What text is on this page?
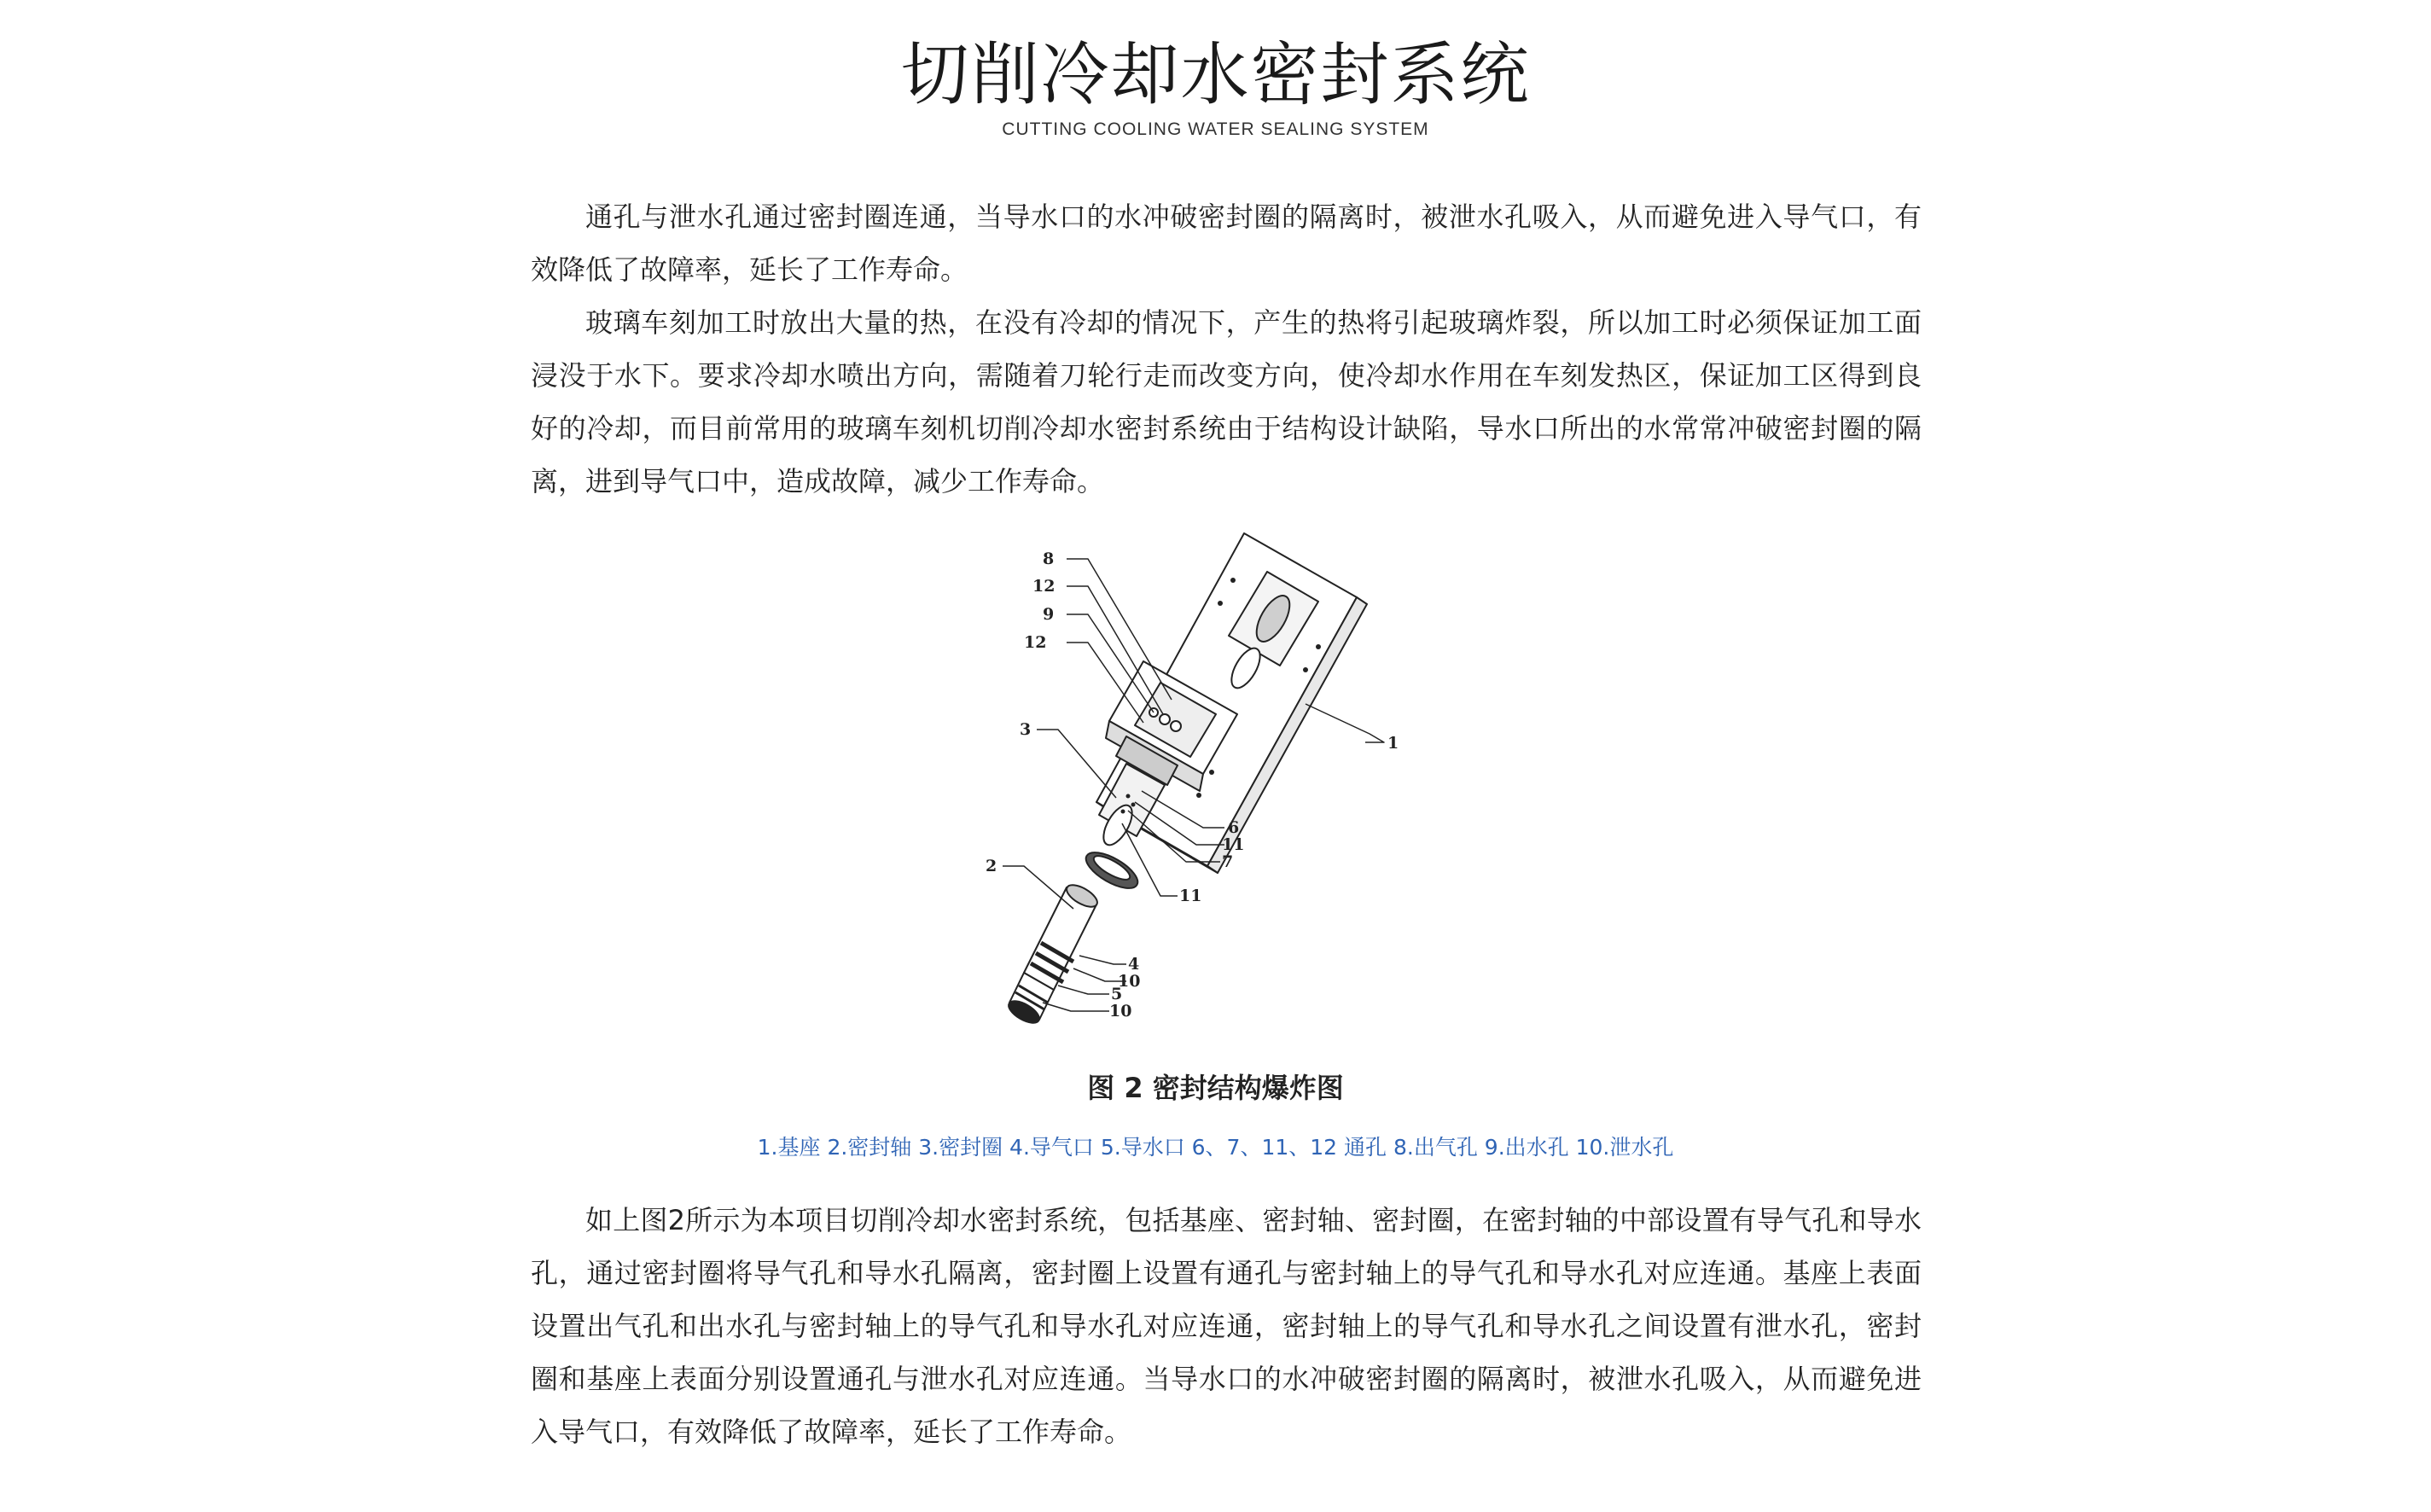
切削冷却水密封系统
CUTTING COOLING WATER SEALING SYSTEM

通孔与泄水孔通过密封圈连通，当导水口的水冲破密封圈的隔离时，被泄水孔吸入，从而避免进入导气口，有效降低了故障率，延长了工作寿命。

玻璃车刻加工时放出大量的热，在没有冷却的情况下，产生的热将引起玻璃炸裂，所以加工时必须保证加工面浸没于水下。要求冷却水喷出方向，需随着刀轮行走而改变方向，使冷却水作用在车刻发热区，保证加工区得到良好的冷却，而目前常用的玻璃车刻机切削冷却水密封系统由于结构设计缺陷，导水口所出的水常常冲破密封圈的隔离，进到导气口中，造成故障，减少工作寿命。

8
12
9
12
3
1
6
11
7
11
2
4
10
5
10
图 2 密封结构爆炸图
1.基座 2.密封轴 3.密封圈 4.导气口 5.导水口 6、7、11、12 通孔 8.出气孔 9.出水孔 10.泄水孔

如上图2所示为本项目切削冷却水密封系统，包括基座、密封轴、密封圈，在密封轴的中部设置有导气孔和导水孔，通过密封圈将导气孔和导水孔隔离，密封圈上设置有通孔与密封轴上的导气孔和导水孔对应连通。基座上表面设置出气孔和出水孔与密封轴上的导气孔和导水孔对应连通，密封轴上的导气孔和导水孔之间设置有泄水孔，密封圈和基座上表面分别设置通孔与泄水孔对应连通。当导水口的水冲破密封圈的隔离时，被泄水孔吸入，从而避免进入导气口，有效降低了故障率，延长了工作寿命。
